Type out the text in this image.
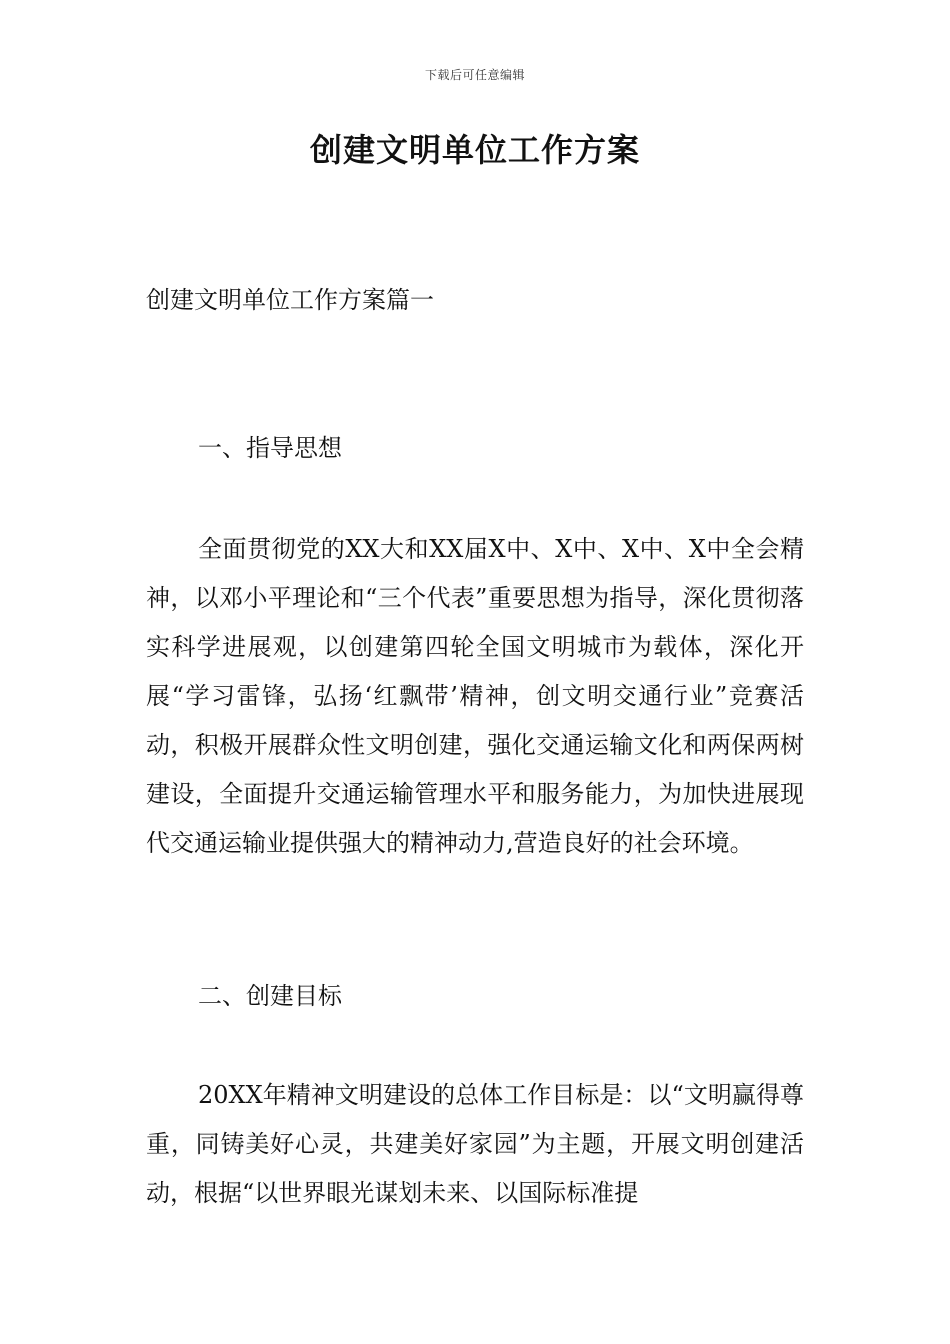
下载后可任意编辑
创建文明单位工作方案

创建文明单位工作方案篇一

一、指导思想

全面贯彻党的XX大和XX届X中、X中、X中、X中全会精神，以邓小平理论和“三个代表”重要思想为指导，深化贯彻落实科学进展观，以创建第四轮全国文明城市为载体，深化开展“学习雷锋，弘扬‘红飘带’精神，创文明交通行业”竞赛活动，积极开展群众性文明创建，强化交通运输文化和两保两树建设，全面提升交通运输管理水平和服务能力，为加快进展现代交通运输业提供强大的精神动力,营造良好的社会环境。

二、创建目标

20XX年精神文明建设的总体工作目标是：以“文明赢得尊重，同铸美好心灵，共建美好家园”为主题，开展文明创建活动，根据“以世界眼光谋划未来、以国际标准提
